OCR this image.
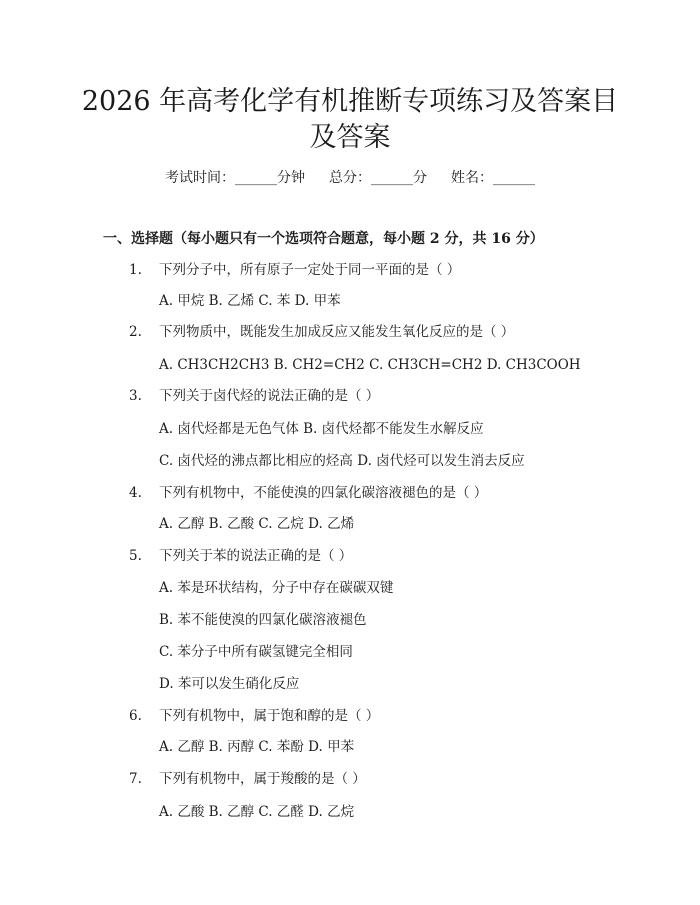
2026 年高考化学有机推断专项练习及答案目
及答案
考试时间：______分钟 总分：______分 姓名：______
一、选择题（每小题只有一个选项符合题意，每小题 2 分，共 16 分）
1. 下列分子中，所有原子一定处于同一平面的是（ ）
A. 甲烷 B. 乙烯 C. 苯 D. 甲苯
2. 下列物质中，既能发生加成反应又能发生氧化反应的是（ ）
A. CH3CH2CH3 B. CH2=CH2 C. CH3CH=CH2 D. CH3COOH
3. 下列关于卤代烃的说法正确的是（ ）
A. 卤代烃都是无色气体 B. 卤代烃都不能发生水解反应
C. 卤代烃的沸点都比相应的烃高 D. 卤代烃可以发生消去反应
4. 下列有机物中，不能使溴的四氯化碳溶液褪色的是（ ）
A. 乙醇 B. 乙酸 C. 乙烷 D. 乙烯
5. 下列关于苯的说法正确的是（ ）
A. 苯是环状结构，分子中存在碳碳双键
B. 苯不能使溴的四氯化碳溶液褪色
C. 苯分子中所有碳氢键完全相同
D. 苯可以发生硝化反应
6. 下列有机物中，属于饱和醇的是（ ）
A. 乙醇 B. 丙醇 C. 苯酚 D. 甲苯
7. 下列有机物中，属于羧酸的是（ ）
A. 乙酸 B. 乙醇 C. 乙醛 D. 乙烷
